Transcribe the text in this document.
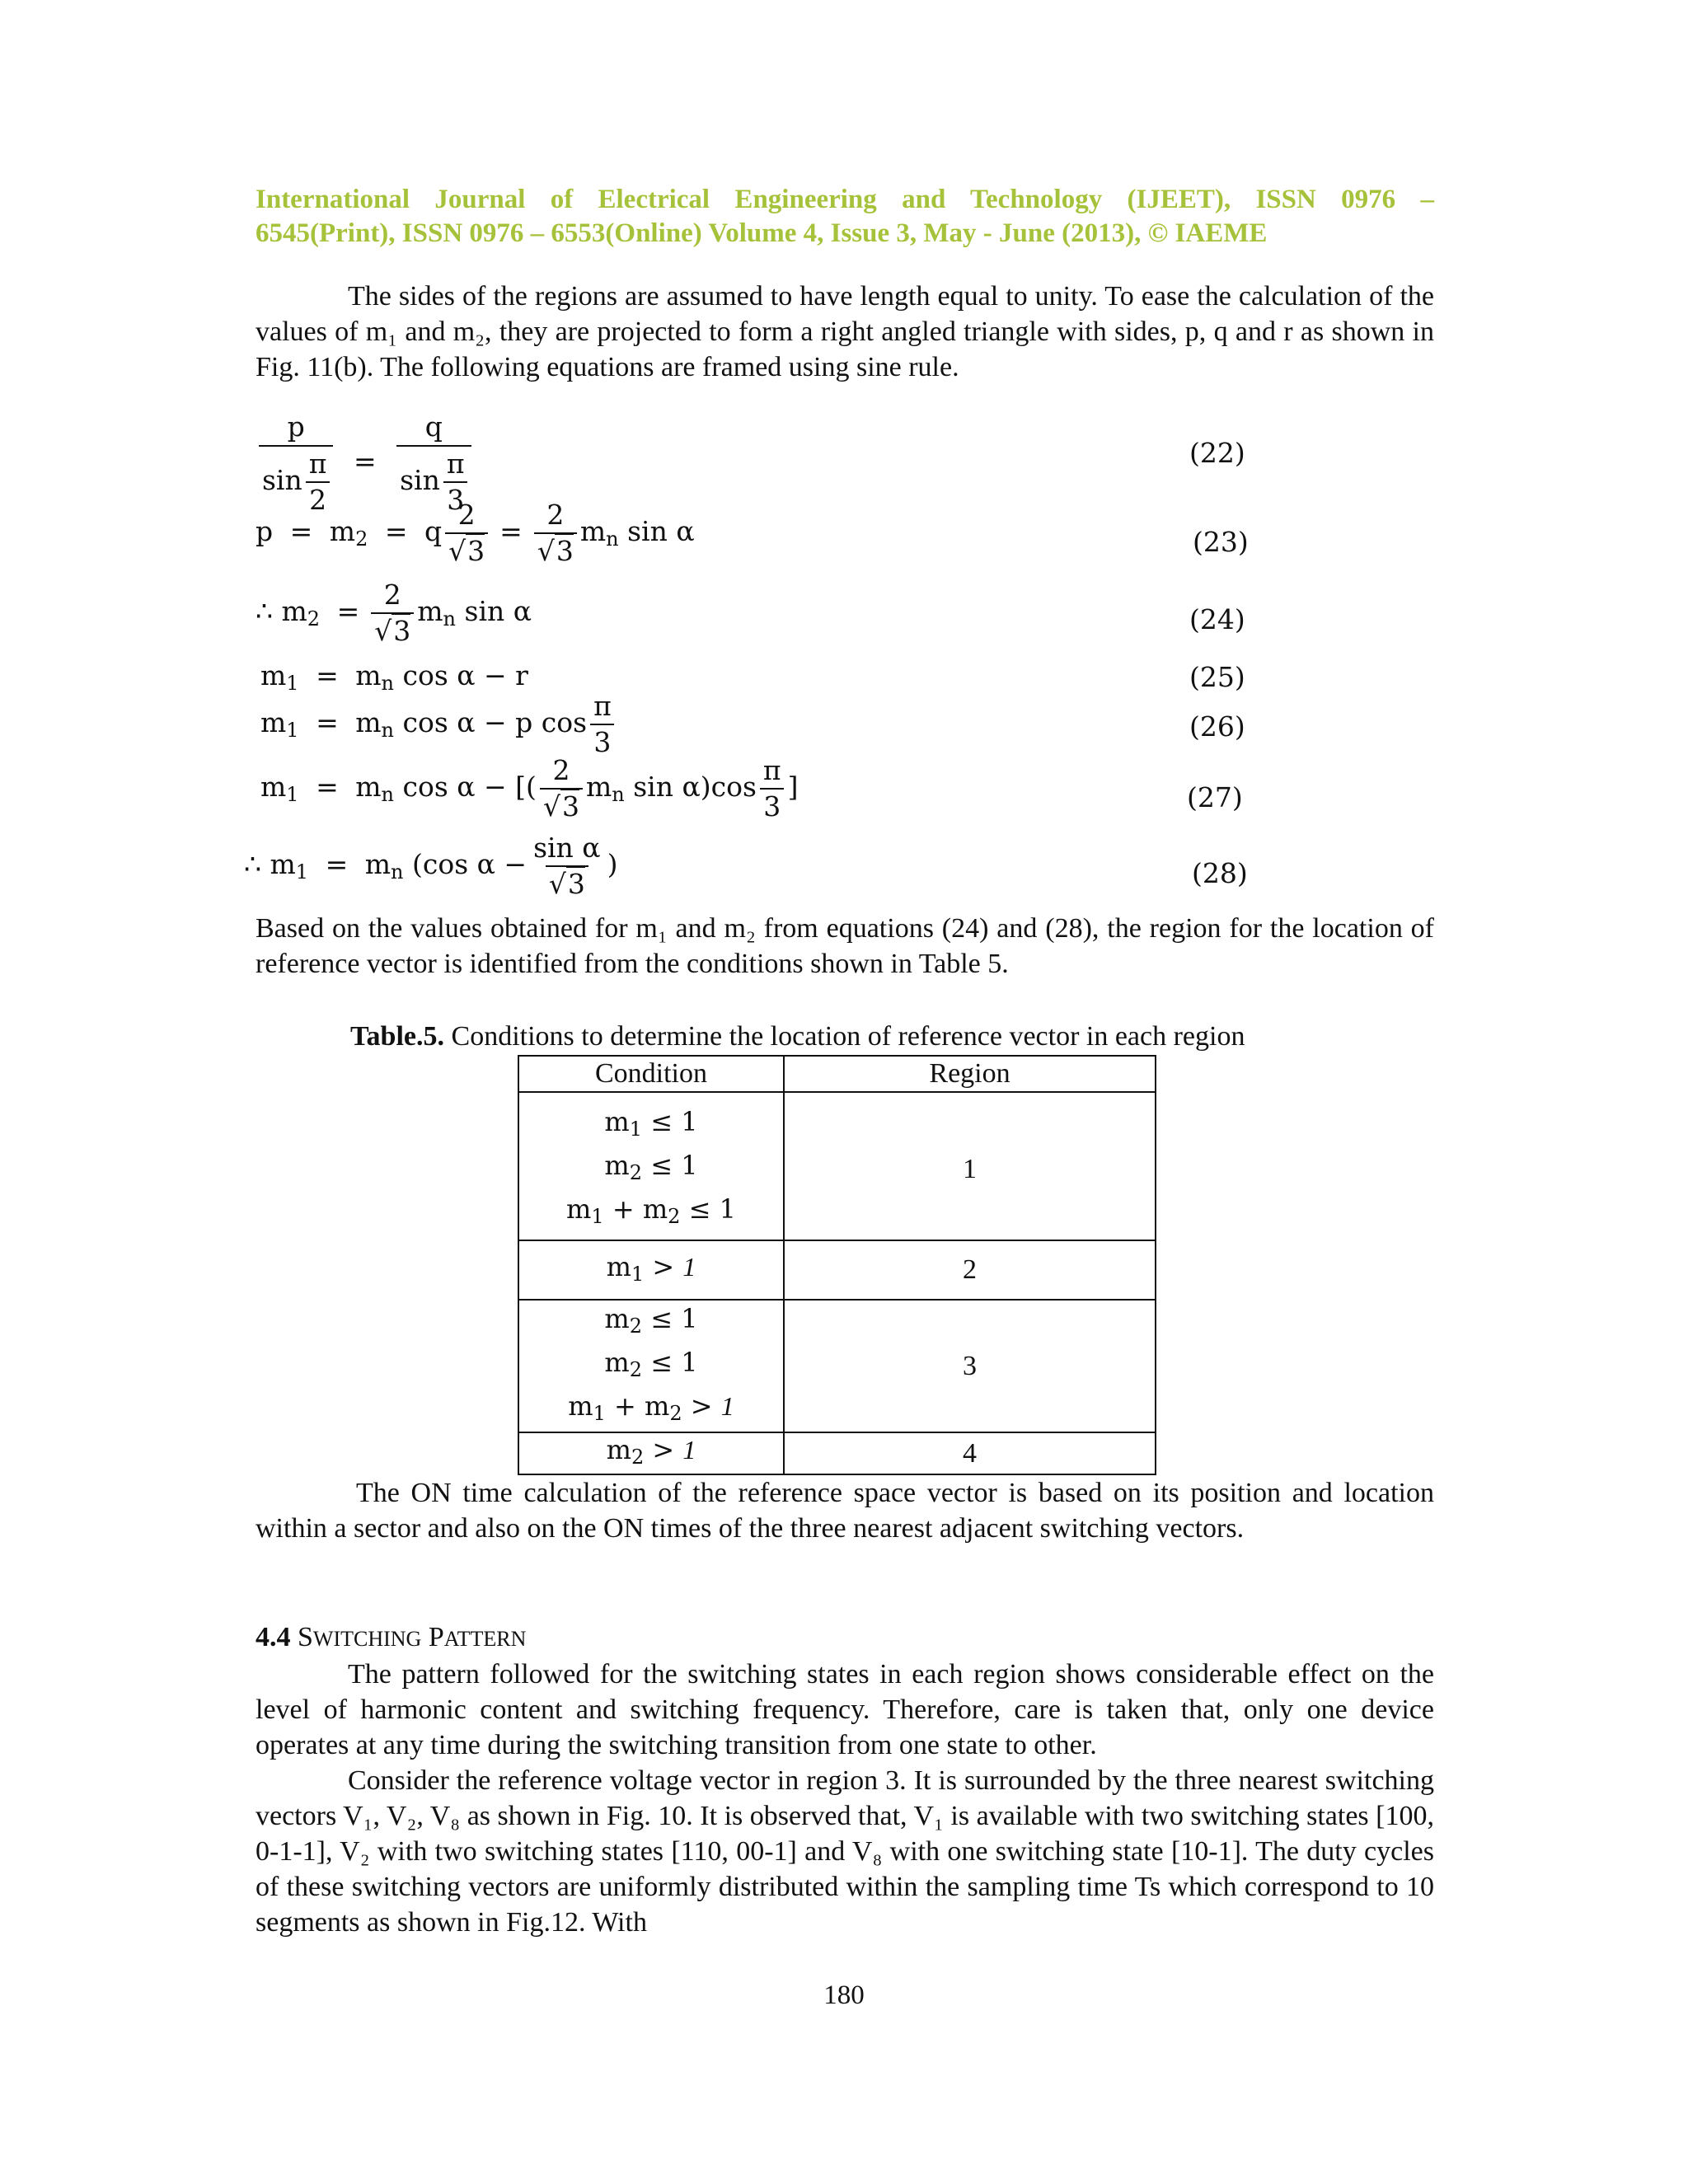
International Journal of Electrical Engineering and Technology (IJEET), ISSN 0976 –
6545(Print), ISSN 0976 – 6553(Online) Volume 4, Issue 3, May - June (2013), © IAEME

The sides of the regions are assumed to have length equal to unity. To ease the calculation of the values of m₁ and m₂, they are projected to form a right angled triangle with sides, p, q and r as shown in Fig. 11(b). The following equations are framed using sine rule.

$\frac{p}{\sin \frac{\pi}{2}} = \frac{q}{\sin \frac{\pi}{3}}$	(22)
$p = m_2 = q \frac{2}{√3} = \frac{2}{√3} m_n$ sin α	(23)
∴ $m_2 = \frac{2}{√3} m_n$ sin α	(24)
$m_1 = m_n$ cos α − r	(25)
$m_1 = m_n$ cos α − p $\cos \frac{\pi}{3}$	(26)
$m_1 = m_n$ cos α − [( $\frac{2}{√3} m_n$ $\sin \alpha)\cos \frac{\pi}{3}$ ]	(27)
∴ $m_1 = m_n$ (cos $\alpha - \frac{\text{sin α}}{√3}$ )	(28)

Based on the values obtained for m₁ and m₂ from equations (24) and (28), the region for the location of reference vector is identified from the conditions shown in Table 5.

Table.5. Conditions to determine the location of reference vector in each region
Condition	Region

$m_1 \le 1$
$m_2 \le 1$
$m_1 + m_2 \le 1$	1

$m_1 > 1$	2

$m_2 \le 1$
$m_2 \le 1$
$m_1 + m_2 > 1$	3

$m_2 > 1$	4

The ON time calculation of the reference space vector is based on its position and location within a sector and also on the ON times of the three nearest adjacent switching vectors.

4.4 SWITCHING PATTERN

The pattern followed for the switching states in each region shows considerable effect on the level of harmonic content and switching frequency. Therefore, care is taken that, only one device operates at any time during the switching transition from one state to other.

Consider the reference voltage vector in region 3. It is surrounded by the three nearest switching vectors V₁, V₂, V₈ as shown in Fig. 10. It is observed that, V₁ is available with two switching states [100, 0-1-1], V₂ with two switching states [110, 00-1] and V₈ with one switching state [10-1]. The duty cycles of these switching vectors are uniformly distributed within the sampling time Ts which correspond to 10 segments as shown in Fig.12. With

180
